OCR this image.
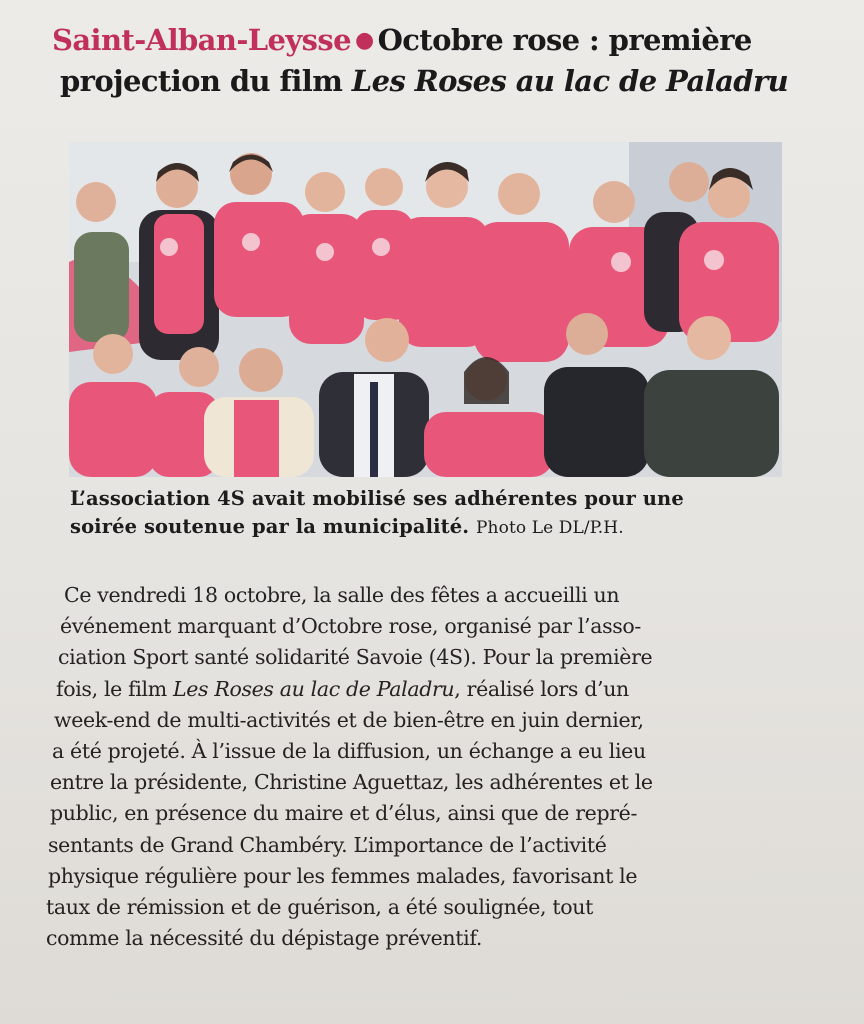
Saint-Alban-Leysse ● Octobre rose : première
projection du film Les Roses au lac de Paladru
L’association 4S avait mobilisé ses adhérentes pour une
soirée soutenue par la municipalité. Photo Le DL/P.H.
Ce vendredi 18 octobre, la salle des fêtes a accueilli un
événement marquant d’Octobre rose, organisé par l’asso-
ciation Sport santé solidarité Savoie (4S). Pour la première
fois, le film Les Roses au lac de Paladru, réalisé lors d’un
week-end de multi-activités et de bien-être en juin dernier,
a été projeté. À l’issue de la diffusion, un échange a eu lieu
entre la présidente, Christine Aguettaz, les adhérentes et le
public, en présence du maire et d’élus, ainsi que de repré-
sentants de Grand Chambéry. L’importance de l’activité
physique régulière pour les femmes malades, favorisant le
taux de rémission et de guérison, a été soulignée, tout
comme la nécessité du dépistage préventif.
